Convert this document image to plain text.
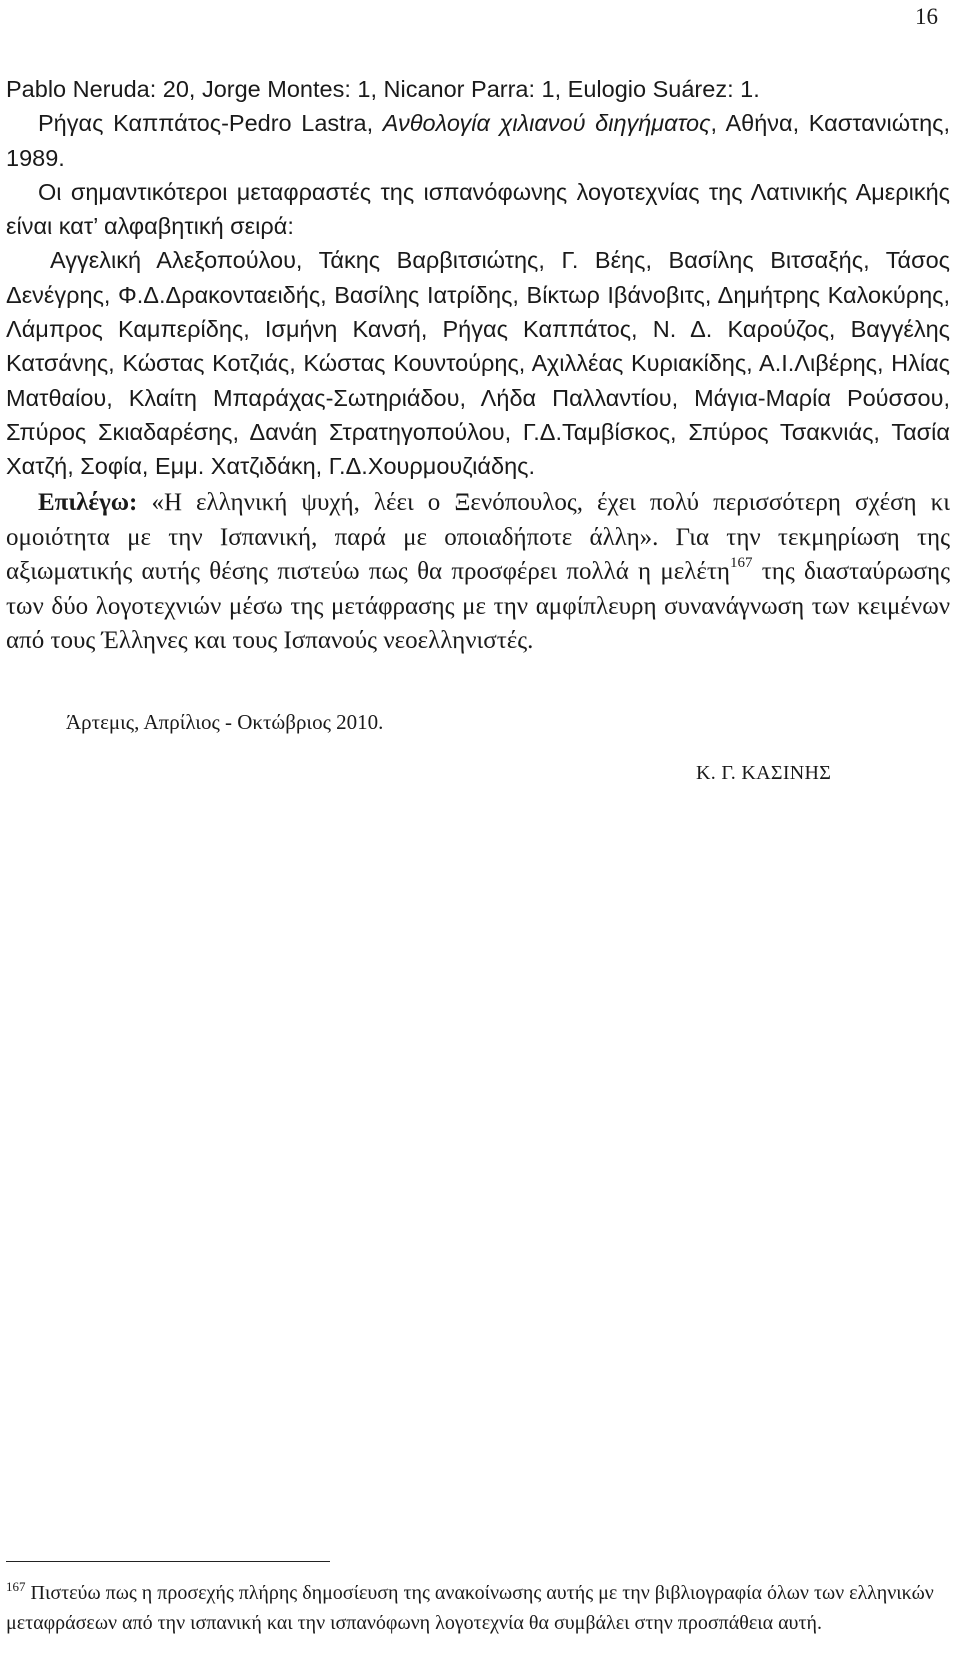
16

Pablo Neruda: 20, Jorge Montes: 1, Nicanor Parra: 1, Eulogio Suárez: 1.

Ρήγας Καππάτος-Pedro Lastra, Ανθολογία χιλιανού διηγήματος, Αθήνα, Καστανιώτης, 1989.

Οι σημαντικότεροι μεταφραστές της ισπανόφωνης λογοτεχνίας της Λατινικής Αμερικής είναι κατ’ αλφαβητική σειρά:

Αγγελική Αλεξοπούλου, Τάκης Βαρβιτσιώτης, Γ. Βέης, Βασίλης Βιτσαξής, Τάσος Δενέγρης, Φ.Δ.Δρακονταειδής, Βασίλης Ιατρίδης, Βίκτωρ Ιβάνοβιτς, Δημήτρης Καλοκύρης, Λάμπρος Καμπερίδης, Ισμήνη Κανσή, Ρήγας Καππάτος, Ν. Δ. Καρούζος, Βαγγέλης Κατσάνης, Κώστας Κοτζιάς, Κώστας Κουντούρης, Αχιλλέας Κυριακίδης, Α.Ι.Λιβέρης, Ηλίας Ματθαίου, Κλαίτη Μπαράχας-Σωτηριάδου, Λήδα Παλλαντίου, Μάγια-Μαρία Ρούσσου, Σπύρος Σκιαδαρέσης, Δανάη Στρατηγοπούλου, Γ.Δ.Ταμβίσκος, Σπύρος Τσακνιάς, Τασία Χατζή, Σοφία, Εμμ. Χατζιδάκη, Γ.Δ.Χουρμουζιάδης.

Επιλέγω: «Η ελληνική ψυχή, λέει ο Ξενόπουλος, έχει πολύ περισσότερη σχέση κι ομοιότητα με την Ισπανική, παρά με οποιαδήποτε άλλη». Για την τεκμηρίωση της αξιωματικής αυτής θέσης πιστεύω πως θα προσφέρει πολλά η μελέτη$^{167}$ της διασταύρωσης των δύο λογοτεχνιών μέσω της μετάφρασης με την αμφίπλευρη συνανάγνωση των κειμένων από τους Έλληνες και τους Ισπανούς νεοελληνιστές.

Άρτεμις, Απρίλιος - Οκτώβριος 2010.
Κ. Γ. ΚΑΣΙΝΗΣ
$^{167}$ Πιστεύω πως η προσεχής πλήρης δημοσίευση της ανακοίνωσης αυτής με την βιβλιογραφία όλων των ελληνικών μεταφράσεων από την ισπανική και την ισπανόφωνη λογοτεχνία θα συμβάλει στην προσπάθεια αυτή.
